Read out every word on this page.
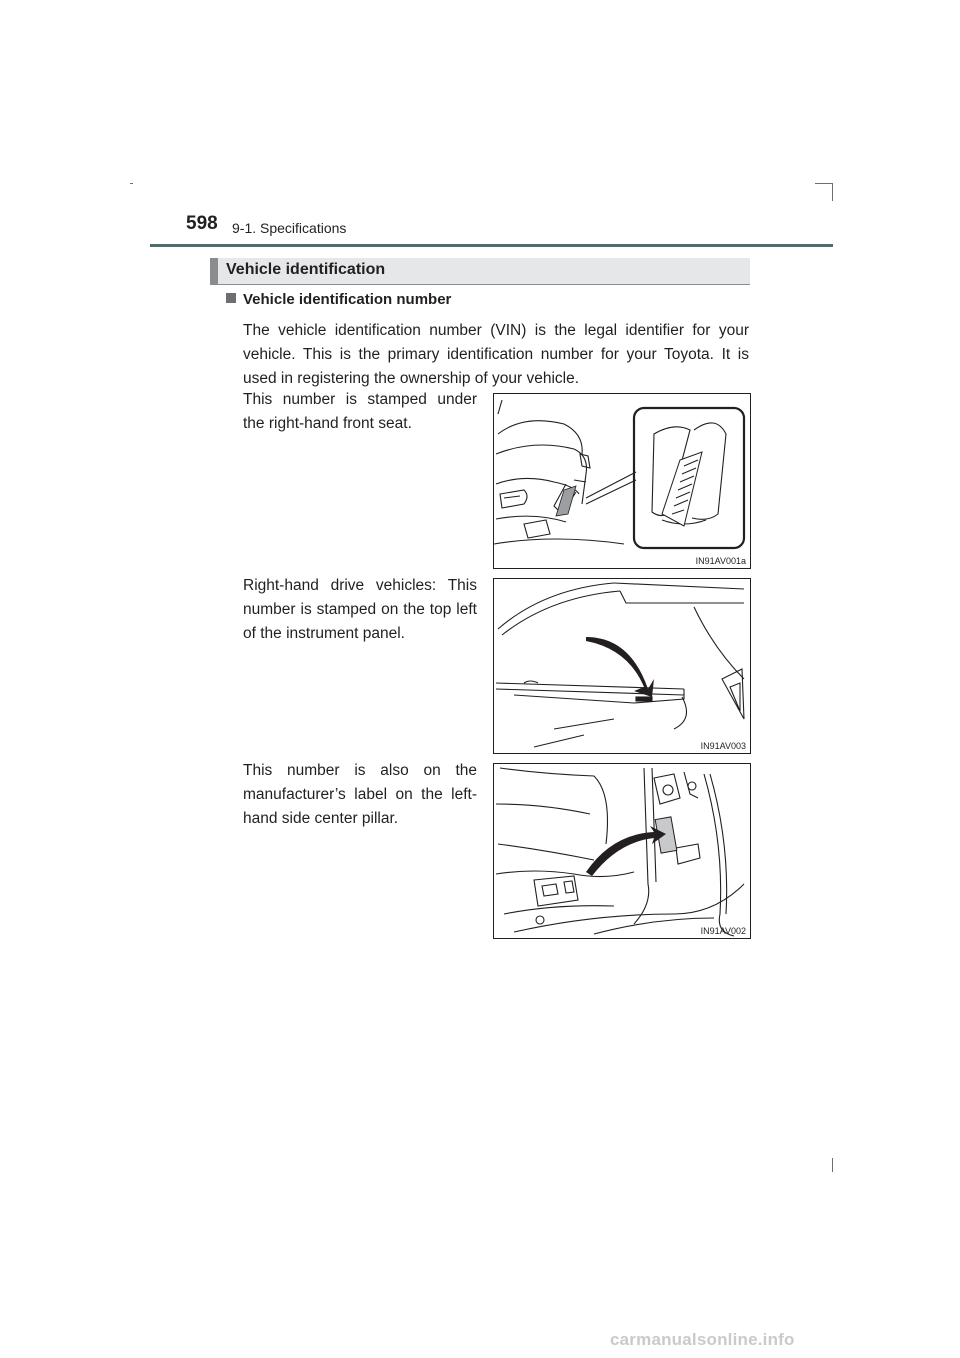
598 9-1. Specifications
Vehicle identification
Vehicle identification number
The vehicle identification number (VIN) is the legal identifier for your vehicle. This is the primary identification number for your Toyota. It is used in registering the ownership of your vehicle.
This number is stamped under the right-hand front seat.
IN91AV001a
Right-hand drive vehicles: This number is stamped on the top left of the instrument panel.
IN91AV003
This number is also on the manufacturer’s label on the left-hand side center pillar.
IN91AV002
carmanualsonline.info
